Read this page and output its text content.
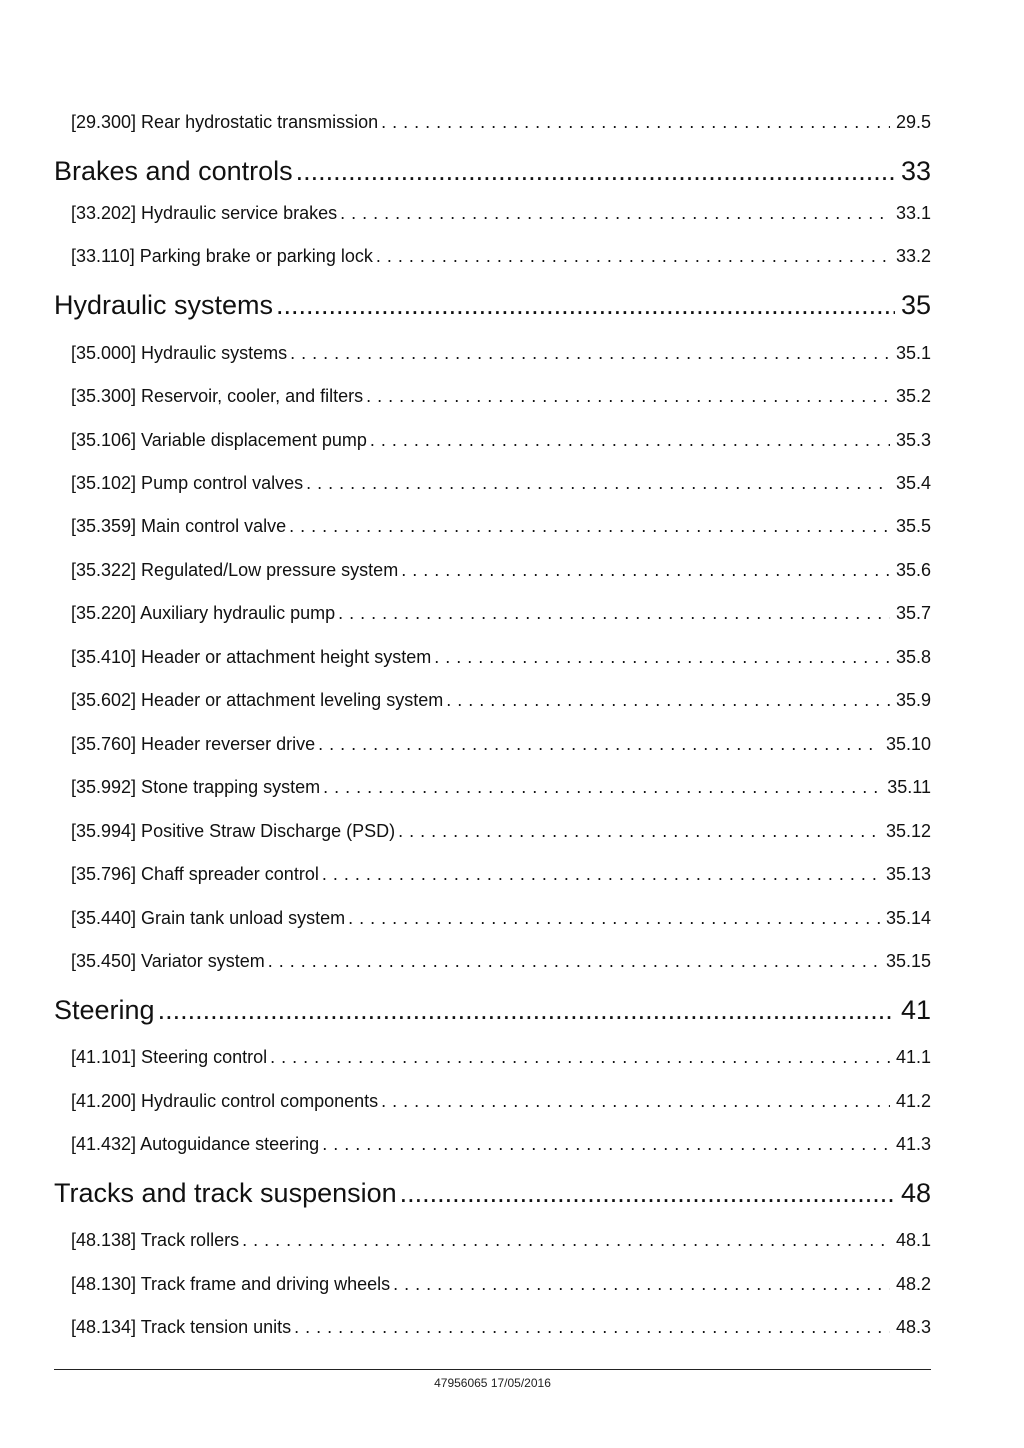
[29.300] Rear hydrostatic transmission . . .	29.5
Brakes and controls .....	33
[33.202] Hydraulic service brakes . . .	33.1
[33.110] Parking brake or parking lock . . .	33.2
Hydraulic systems .....	35
[35.000] Hydraulic systems . . .	35.1
[35.300] Reservoir, cooler, and filters . . .	35.2
[35.106] Variable displacement pump . . .	35.3
[35.102] Pump control valves . . .	35.4
[35.359] Main control valve . . .	35.5
[35.322] Regulated/Low pressure system . . .	35.6
[35.220] Auxiliary hydraulic pump . . .	35.7
[35.410] Header or attachment height system . . .	35.8
[35.602] Header or attachment leveling system . . .	35.9
[35.760] Header reverser drive . . .	35.10
[35.992] Stone trapping system . . .	35.11
[35.994] Positive Straw Discharge (PSD) . . .	35.12
[35.796] Chaff spreader control . . .	35.13
[35.440] Grain tank unload system . . .	35.14
[35.450] Variator system . . .	35.15
Steering .....	41
[41.101] Steering control . . .	41.1
[41.200] Hydraulic control components . . .	41.2
[41.432] Autoguidance steering . . .	41.3
Tracks and track suspension .....	48
[48.138] Track rollers . . .	48.1
[48.130] Track frame and driving wheels . . .	48.2
[48.134] Track tension units . . .	48.3
47956065 17/05/2016
